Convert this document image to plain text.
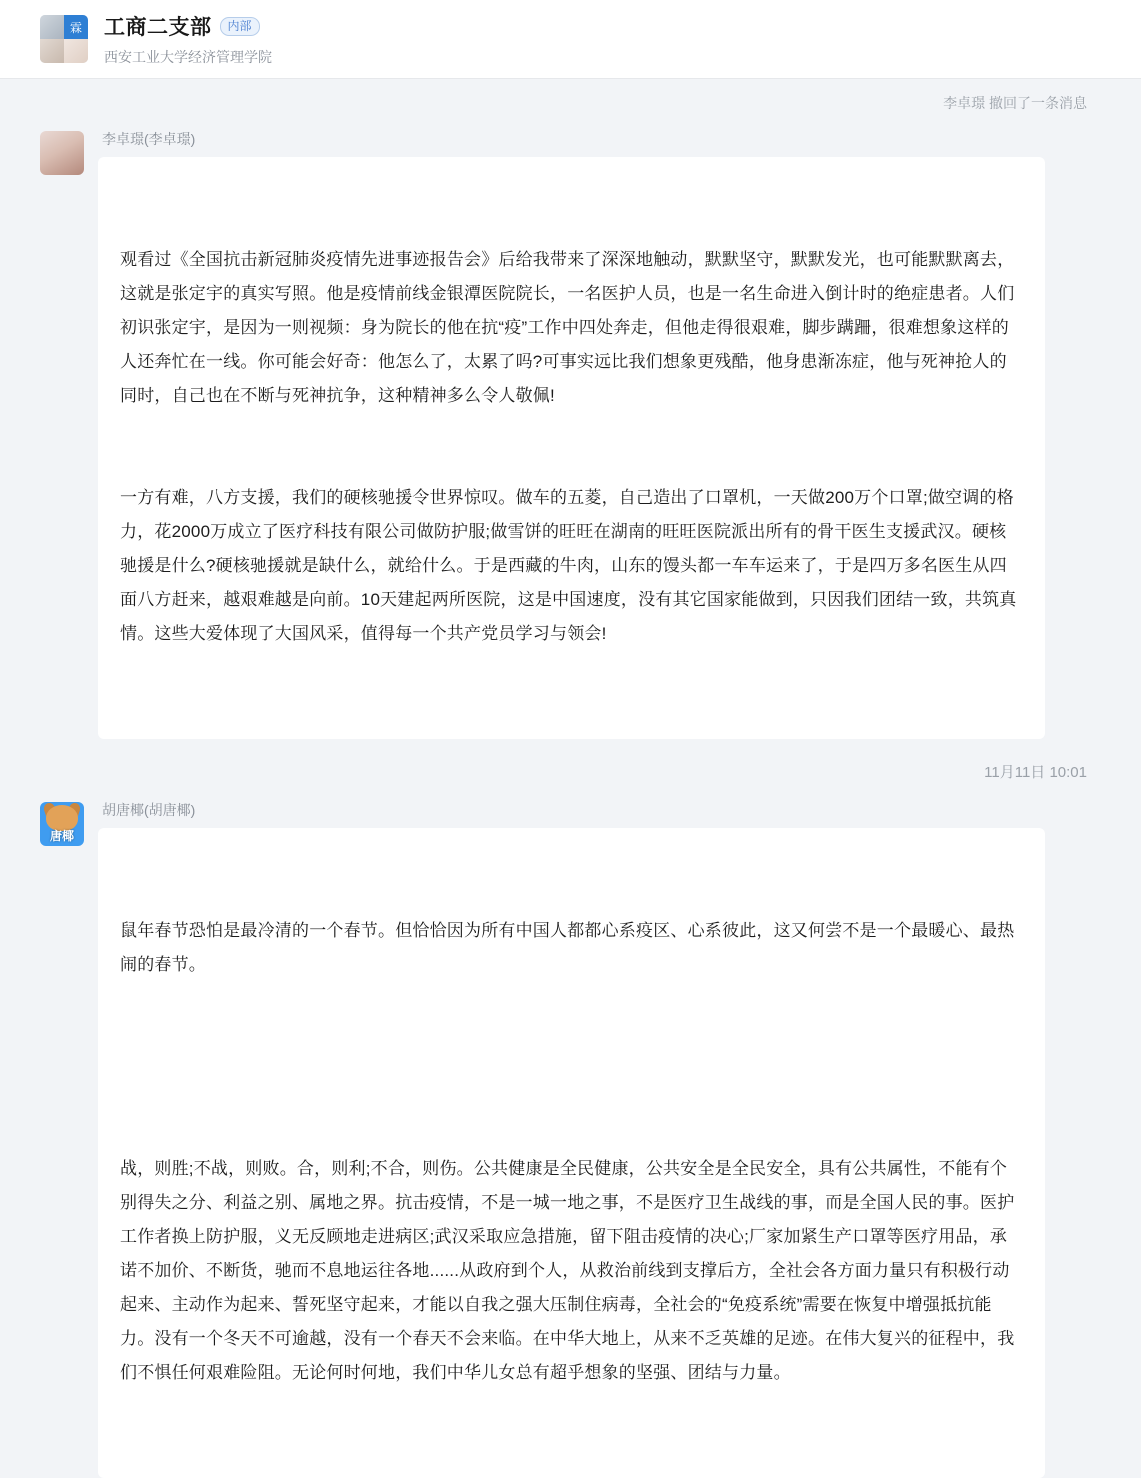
霖 工商二支部	内部
西安工业大学经济管理学院
李卓璟 撤回了一条消息
李卓璟(李卓璟)

观看过《全国抗击新冠肺炎疫情先进事迹报告会》后给我带来了深深地触动，默默坚守，默默发光，也可能默默离去，这就是张定宇的真实写照。他是疫情前线金银潭医院院长，一名医护人员，也是一名生命进入倒计时的绝症患者。人们初识张定宇，是因为一则视频：身为院长的他在抗“疫”工作中四处奔走，但他走得很艰难，脚步蹒跚，很难想象这样的人还奔忙在一线。你可能会好奇：他怎么了，太累了吗?可事实远比我们想象更残酷，他身患渐冻症，他与死神抢人的同时，自己也在不断与死神抗争，这种精神多么令人敬佩!

一方有难，八方支援，我们的硬核驰援令世界惊叹。做车的五菱，自己造出了口罩机，一天做200万个口罩;做空调的格力，花2000万成立了医疗科技有限公司做防护服;做雪饼的旺旺在湖南的旺旺医院派出所有的骨干医生支援武汉。硬核驰援是什么?硬核驰援就是缺什么，就给什么。于是西藏的牛肉，山东的馒头都一车车运来了，于是四万多名医生从四面八方赶来，越艰难越是向前。10天建起两所医院，这是中国速度，没有其它国家能做到，只因我们团结一致，共筑真情。这些大爱体现了大国风采，值得每一个共产党员学习与领会!

11月11日 10:01
唐椰
胡唐椰(胡唐椰)

鼠年春节恐怕是最冷清的一个春节。但恰恰因为所有中国人都都心系疫区、心系彼此，这又何尝不是一个最暖心、最热闹的春节。

战，则胜;不战，则败。合，则利;不合，则伤。公共健康是全民健康，公共安全是全民安全，具有公共属性，不能有个别得失之分、利益之别、属地之界。抗击疫情，不是一城一地之事，不是医疗卫生战线的事，而是全国人民的事。医护工作者换上防护服，义无反顾地走进病区;武汉采取应急措施，留下阻击疫情的决心;厂家加紧生产口罩等医疗用品，承诺不加价、不断货，驰而不息地运往各地......从政府到个人，从救治前线到支撑后方，全社会各方面力量只有积极行动起来、主动作为起来、誓死坚守起来，才能以自我之强大压制住病毒，全社会的“免疫系统”需要在恢复中增强抵抗能力。没有一个冬天不可逾越，没有一个春天不会来临。在中华大地上，从来不乏英雄的足迹。在伟大复兴的征程中，我们不惧任何艰难险阻。无论何时何地，我们中华儿女总有超乎想象的坚强、团结与力量。
